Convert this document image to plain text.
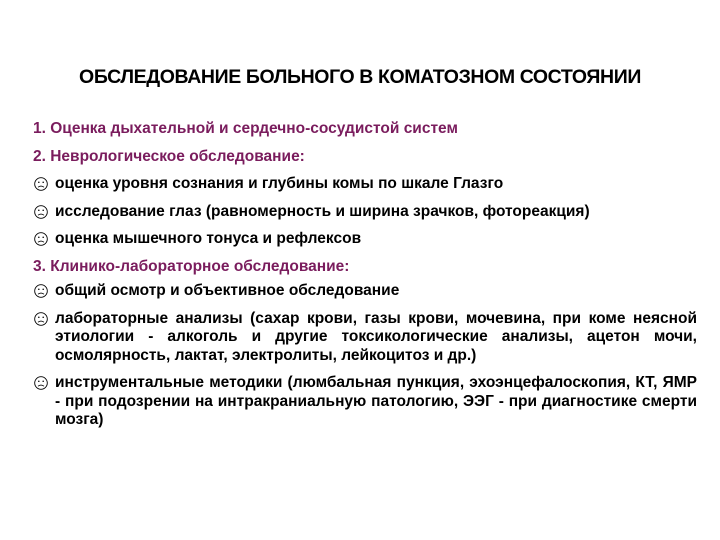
ОБСЛЕДОВАНИЕ БОЛЬНОГО В КОМАТОЗНОМ СОСТОЯНИИ
1. Оценка дыхательной и сердечно-сосудистой систем
2. Неврологическое обследование:
оценка уровня сознания и глубины комы по шкале Глазго
исследование глаз (равномерность и ширина зрачков, фотореакция)
оценка мышечного тонуса и рефлексов
3. Клинико-лабораторное обследование:
общий осмотр и объективное обследование
лабораторные анализы (сахар крови, газы крови, мочевина, при коме неясной этиологии - алкоголь и другие токсикологические анализы, ацетон мочи, осмолярность, лактат, электролиты, лейкоцитоз и др.)
инструментальные методики (люмбальная пункция, эхоэнцефалоскопия, КТ, ЯМР - при подозрении на интракраниальную патологию, ЭЭГ - при диагностике смерти мозга)
